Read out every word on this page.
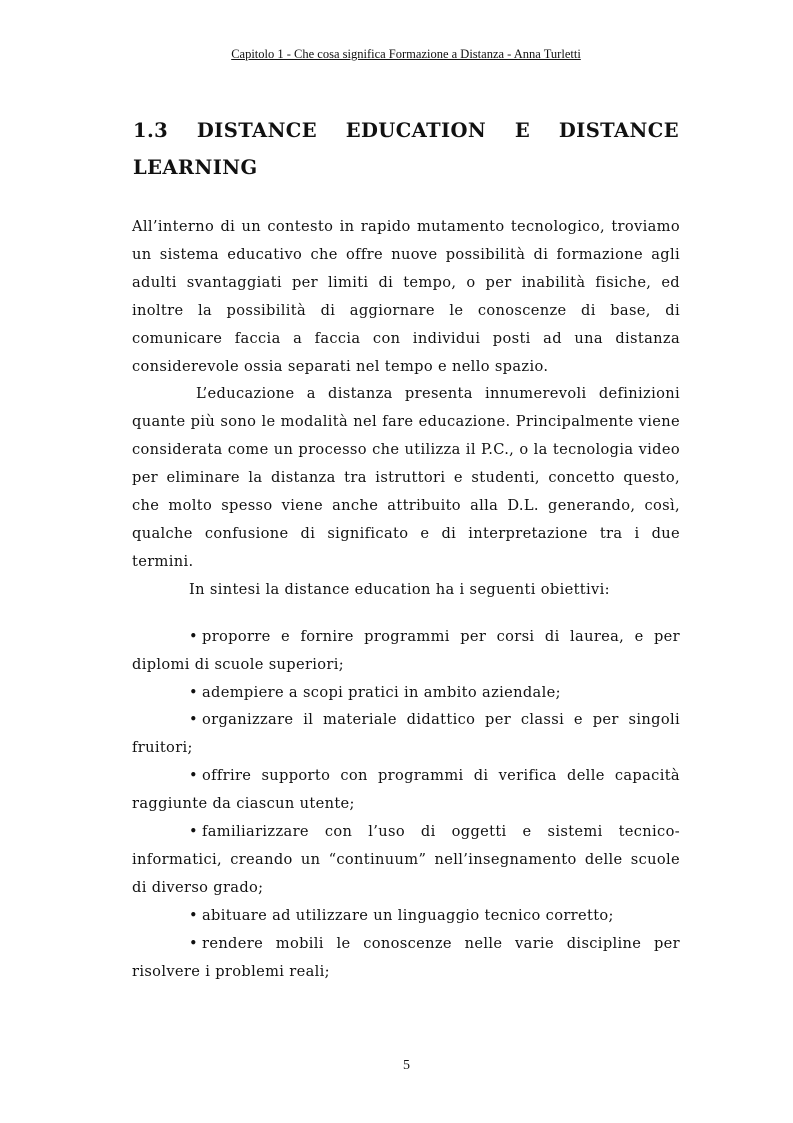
Capitolo 1 - Che cosa significa Formazione a Distanza - Anna Turletti
1.3 DISTANCE EDUCATION E DISTANCE
LEARNING

All’interno di un contesto in rapido mutamento tecnologico, troviamo un sistema educativo che offre nuove possibilità di formazione agli adulti svantaggiati per limiti di tempo, o per inabilità fisiche, ed inoltre la possibilità di aggiornare le conoscenze di base, di comunicare faccia a faccia con individui posti ad una distanza considerevole ossia separati nel tempo e nello spazio.

L’educazione a distanza presenta innumerevoli definizioni quante più sono le modalità nel fare educazione. Principalmente viene considerata come un processo che utilizza il P.C., o la tecnologia video per eliminare la distanza tra istruttori e studenti, concetto questo, che molto spesso viene anche attribuito alla D.L. generando, così, qualche confusione di significato e di interpretazione tra i due termini.

In sintesi la distance education ha i seguenti obiettivi:

• proporre e fornire programmi per corsi di laurea, e per diplomi di scuole superiori;

• adempiere a scopi pratici in ambito aziendale;

• organizzare il materiale didattico per classi e per singoli fruitori;

• offrire supporto con programmi di verifica delle capacità raggiunte da ciascun utente;

• familiarizzare con l’uso di oggetti e sistemi tecnico-informatici, creando un “continuum” nell’insegnamento delle scuole di diverso grado;

• abituare ad utilizzare un linguaggio tecnico corretto;

• rendere mobili le conoscenze nelle varie discipline per risolvere i problemi reali;

5
